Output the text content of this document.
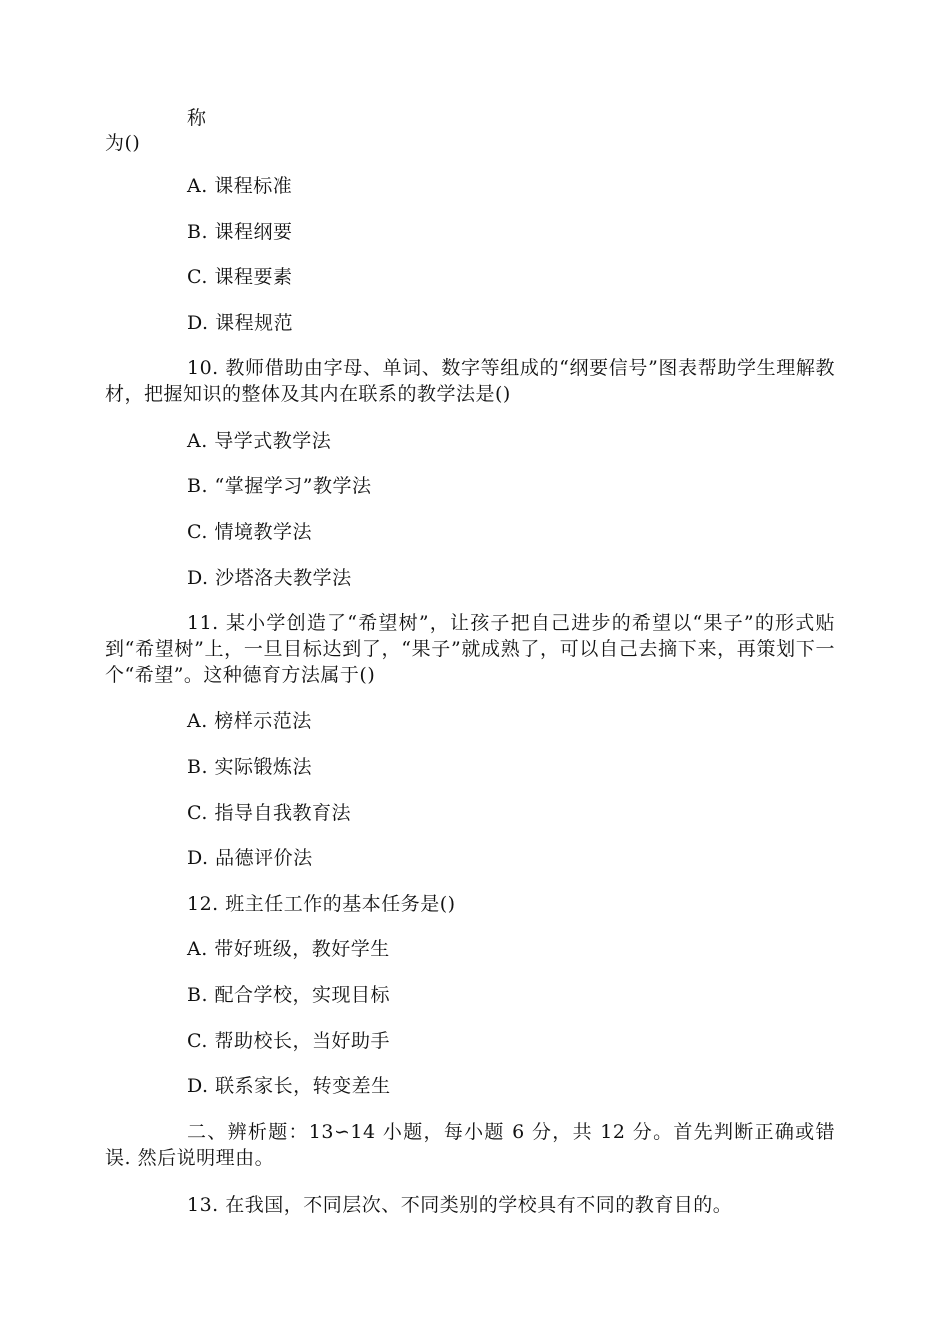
称
为()
A. 课程标准
B. 课程纲要
C. 课程要素
D. 课程规范
10. 教师借助由字母、单词、数字等组成的“纲要信号”图表帮助学生理解教材，把握知识的整体及其内在联系的教学法是()
A. 导学式教学法
B. “掌握学习”教学法
C. 情境教学法
D. 沙塔洛夫教学法
11. 某小学创造了“希望树”，让孩子把自己进步的希望以“果子”的形式贴到“希望树”上，一旦目标达到了，“果子”就成熟了，可以自己去摘下来，再策划下一个“希望”。这种德育方法属于()
A. 榜样示范法
B. 实际锻炼法
C. 指导自我教育法
D. 品德评价法
12. 班主任工作的基本任务是()
A. 带好班级，教好学生
B. 配合学校，实现目标
C. 帮助校长，当好助手
D. 联系家长，转变差生
二、辨析题：13∽14 小题，每小题 6 分，共 12 分。首先判断正确或错误. 然后说明理由。
13. 在我国，不同层次、不同类别的学校具有不同的教育目的。
